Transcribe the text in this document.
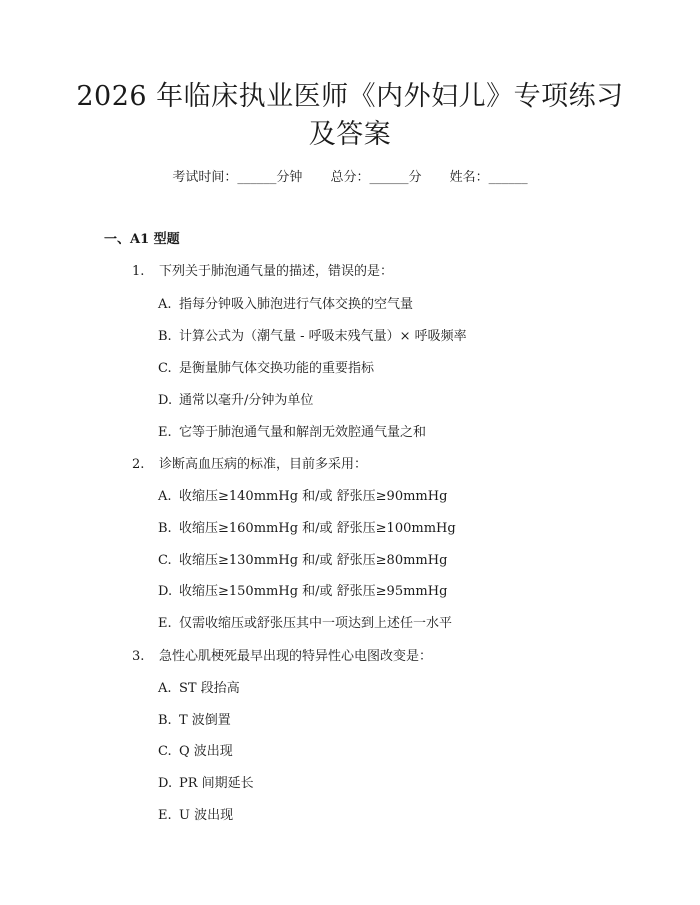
2026 年临床执业医师《内外妇儿》专项练习
及答案
考试时间：______分钟 总分：______分 姓名：______
一、A1 型题
1. 下列关于肺泡通气量的描述，错误的是：
A. 指每分钟吸入肺泡进行气体交换的空气量
B. 计算公式为（潮气量 - 呼吸末残气量）× 呼吸频率
C. 是衡量肺气体交换功能的重要指标
D. 通常以毫升/分钟为单位
E. 它等于肺泡通气量和解剖无效腔通气量之和
2. 诊断高血压病的标准，目前多采用：
A. 收缩压≥140mmHg 和/或 舒张压≥90mmHg
B. 收缩压≥160mmHg 和/或 舒张压≥100mmHg
C. 收缩压≥130mmHg 和/或 舒张压≥80mmHg
D. 收缩压≥150mmHg 和/或 舒张压≥95mmHg
E. 仅需收缩压或舒张压其中一项达到上述任一水平
3. 急性心肌梗死最早出现的特异性心电图改变是：
A. ST 段抬高
B. T 波倒置
C. Q 波出现
D. PR 间期延长
E. U 波出现
